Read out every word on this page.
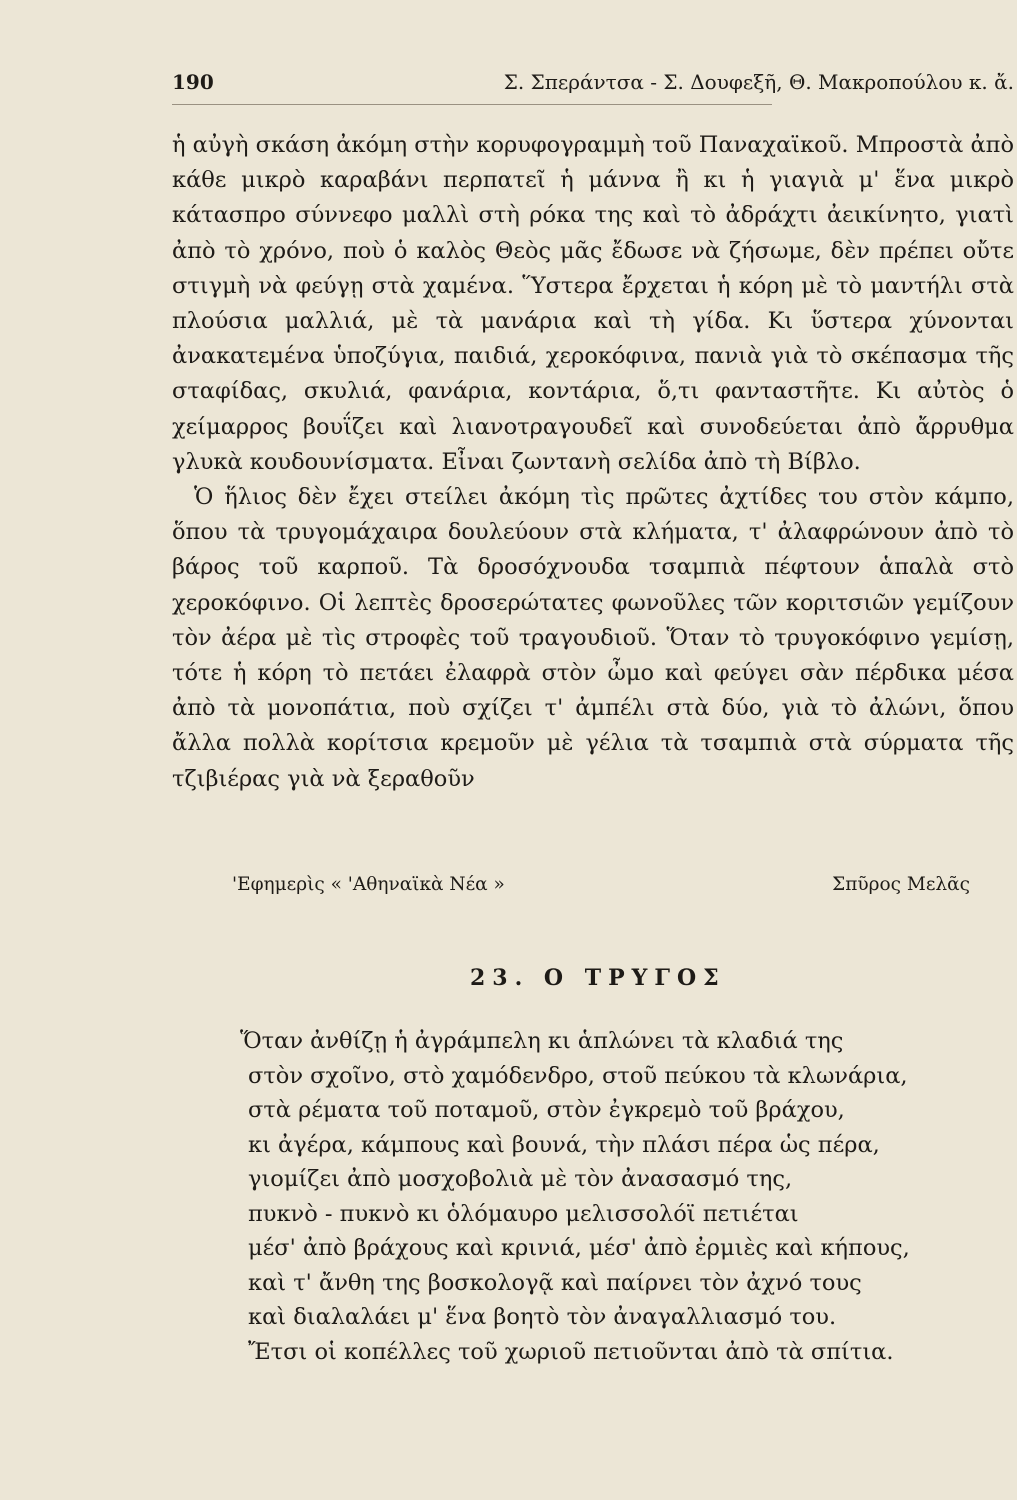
190	Σ. Σπεράντσα - Σ. Δουφεξῆ, Θ. Μακροπούλου κ. ἄ.

ἡ αὐγὴ σκάση ἀκόμη στὴν κορυφογραμμὴ τοῦ Παναχαϊκοῦ. Μπροστὰ ἀπὸ κάθε μικρὸ καραβάνι περπατεῖ ἡ μάννα ἢ κι ἡ γιαγιὰ μ' ἕνα μικρὸ κάτασπρο σύννεφο μαλλὶ στὴ ρόκα της καὶ τὸ ἀδράχτι ἀεικίνητο, γιατὶ ἀπὸ τὸ χρόνο, ποὺ ὁ καλὸς Θεὸς μᾶς ἔδωσε νὰ ζήσωμε, δὲν πρέπει οὔτε στιγμὴ νὰ φεύγῃ στὰ χαμένα. Ὕστερα ἔρχεται ἡ κόρη μὲ τὸ μαντήλι στὰ πλούσια μαλλιά, μὲ τὰ μανάρια καὶ τὴ γίδα. Κι ὕστερα χύνονται ἀνακατεμένα ὑποζύγια, παιδιά, χεροκόφινα, πανιὰ γιὰ τὸ σκέπασμα τῆς σταφίδας, σκυλιά, φανάρια, κοντάρια, ὅ,τι φανταστῆτε. Κι αὐτὸς ὁ χείμαρρος βουΐζει καὶ λιανοτραγουδεῖ καὶ συνοδεύεται ἀπὸ ἄρρυθμα γλυκὰ κουδουνίσματα. Εἶναι ζωντανὴ σελίδα ἀπὸ τὴ Βίβλο.

Ὁ ἥλιος δὲν ἔχει στείλει ἀκόμη τὶς πρῶτες ἀχτίδες του στὸν κάμπο, ὅπου τὰ τρυγομάχαιρα δουλεύουν στὰ κλήματα, τ' ἀλαφρώνουν ἀπὸ τὸ βάρος τοῦ καρποῦ. Τὰ δροσόχνουδα τσαμπιὰ πέφτουν ἁπαλὰ στὸ χεροκόφινο. Οἱ λεπτὲς δροσερώτατες φωνοῦλες τῶν κοριτσιῶν γεμίζουν τὸν ἀέρα μὲ τὶς στροφὲς τοῦ τραγουδιοῦ. Ὅταν τὸ τρυγοκόφινο γεμίσῃ, τότε ἡ κόρη τὸ πετάει ἐλαφρὰ στὸν ὦμο καὶ φεύγει σὰν πέρδικα μέσα ἀπὸ τὰ μονοπάτια, ποὺ σχίζει τ' ἀμπέλι στὰ δύο, γιὰ τὸ ἀλώνι, ὅπου ἄλλα πολλὰ κορίτσια κρεμοῦν μὲ γέλια τὰ τσαμπιὰ στὰ σύρματα τῆς τζιβιέρας γιὰ νὰ ξεραθοῦν

'Εφημερὶς « 'Αθηναϊκὰ Νέα »	Σπῦρος Μελᾶς
23. Ο ΤΡΥΓΟΣ
Ὅταν ἀνθίζῃ ἡ ἀγράμπελη κι ἁπλώνει τὰ κλαδιά της
στὸν σχοῖνο, στὸ χαμόδενδρο, στοῦ πεύκου τὰ κλωνάρια,
στὰ ρέματα τοῦ ποταμοῦ, στὸν ἐγκρεμὸ τοῦ βράχου,
κι ἀγέρα, κάμπους καὶ βουνά, τὴν πλάσι πέρα ὡς πέρα,
γιομίζει ἀπὸ μοσχοβολιὰ μὲ τὸν ἀνασασμό της,
πυκνὸ - πυκνὸ κι ὁλόμαυρο μελισσολόϊ πετιέται
μέσ' ἀπὸ βράχους καὶ κρινιά, μέσ' ἀπὸ ἐρμιὲς καὶ κήπους,
καὶ τ' ἄνθη της βοσκολογᾷ καὶ παίρνει τὸν ἀχνό τους
καὶ διαλαλάει μ' ἕνα βοητὸ τὸν ἀναγαλλιασμό του.
Ἔτσι οἱ κοπέλλες τοῦ χωριοῦ πετιοῦνται ἀπὸ τὰ σπίτια.
